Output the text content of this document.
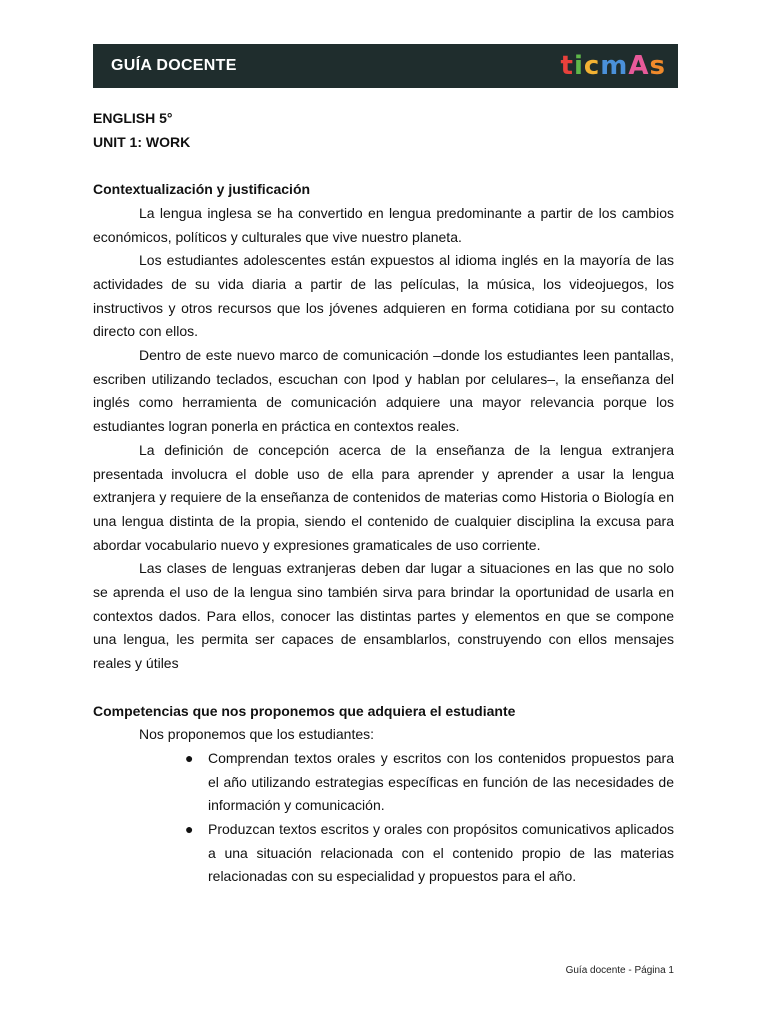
GUÍA DOCENTE	ticmAs

ENGLISH 5°

UNIT 1: WORK

Contextualización y justificación

La lengua inglesa se ha convertido en lengua predominante a partir de los cambios económicos, políticos y culturales que vive nuestro planeta.

Los estudiantes adolescentes están expuestos al idioma inglés en la mayoría de las actividades de su vida diaria a partir de las películas, la música, los videojuegos, los instructivos y otros recursos que los jóvenes adquieren en forma cotidiana por su contacto directo con ellos.

Dentro de este nuevo marco de comunicación –donde los estudiantes leen pantallas, escriben utilizando teclados, escuchan con Ipod y hablan por celulares–, la enseñanza del inglés como herramienta de comunicación adquiere una mayor relevancia porque los estudiantes logran ponerla en práctica en contextos reales.

La definición de concepción acerca de la enseñanza de la lengua extranjera presentada involucra el doble uso de ella para aprender y aprender a usar la lengua extranjera y requiere de la enseñanza de contenidos de materias como Historia o Biología en una lengua distinta de la propia, siendo el contenido de cualquier disciplina la excusa para abordar vocabulario nuevo y expresiones gramaticales de uso corriente.

Las clases de lenguas extranjeras deben dar lugar a situaciones en las que no solo se aprenda el uso de la lengua sino también sirva para brindar la oportunidad de usarla en contextos dados. Para ellos, conocer las distintas partes y elementos en que se compone una lengua, les permita ser capaces de ensamblarlos, construyendo con ellos mensajes reales y útiles

Competencias que nos proponemos que adquiera el estudiante

Nos proponemos que los estudiantes:

● Comprendan textos orales y escritos con los contenidos propuestos para el año utilizando estrategias específicas en función de las necesidades de información y comunicación.
● Produzcan textos escritos y orales con propósitos comunicativos aplicados a una situación relacionada con el contenido propio de las materias relacionadas con su especialidad y propuestos para el año.
Guía docente - Página 1
